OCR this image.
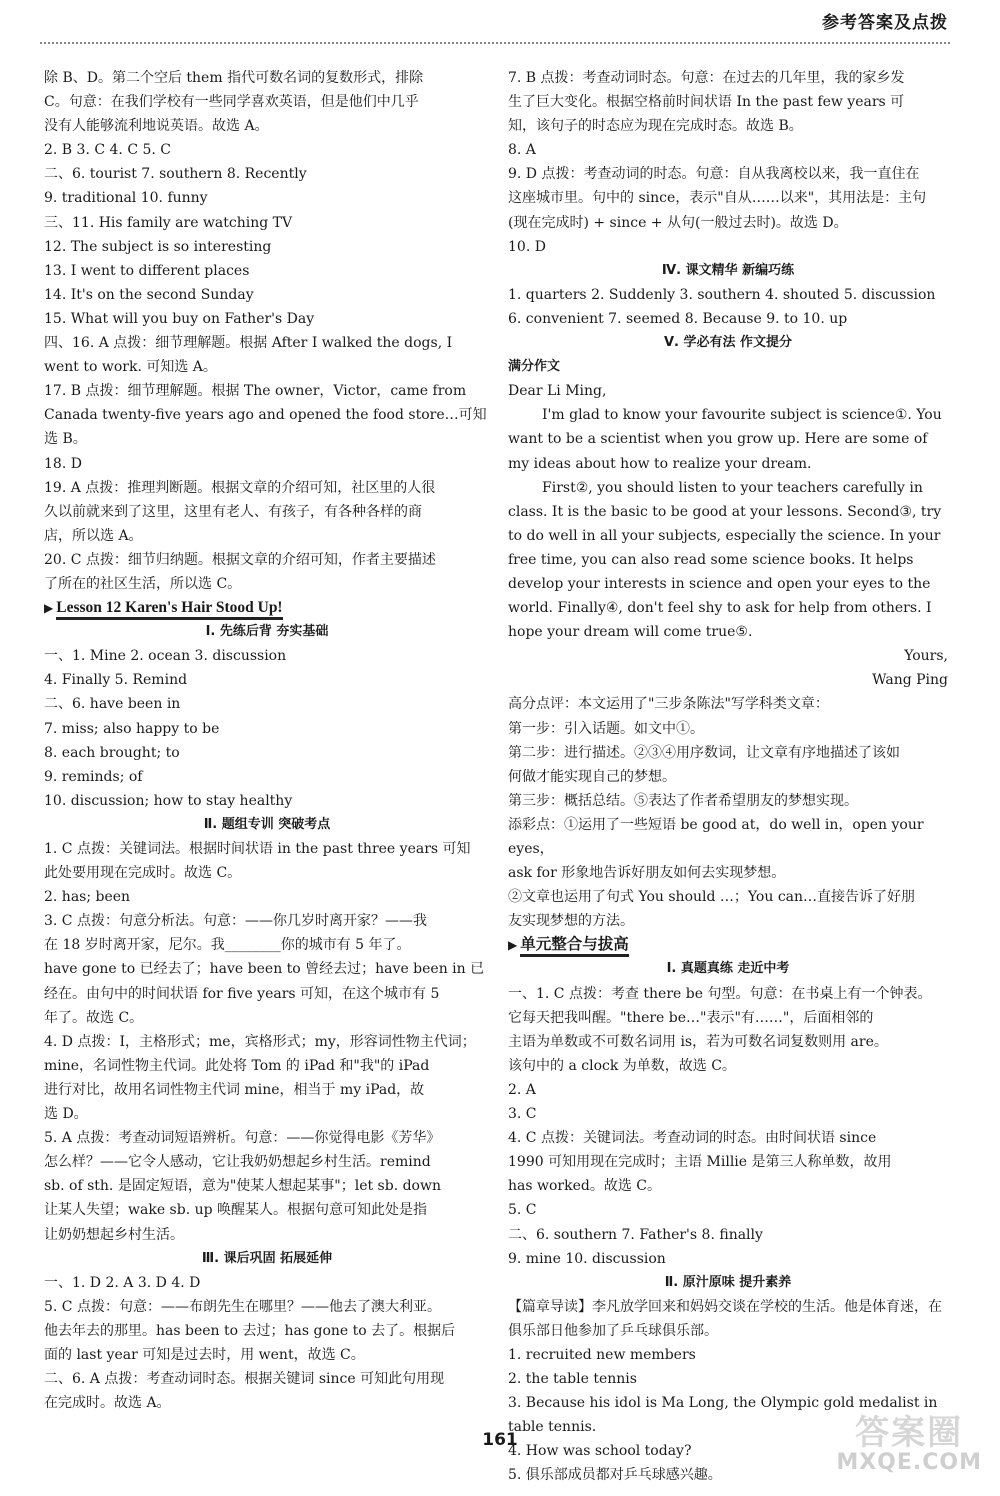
参考答案及点拨

除 B、D。第二个空后 them 指代可数名词的复数形式，排除

C。句意：在我们学校有一些同学喜欢英语，但是他们中几乎

没有人能够流利地说英语。故选 A。

2. B 3. C 4. C 5. C

二、6. tourist 7. southern 8. Recently

9. traditional 10. funny

三、11. His family are watching TV

12. The subject is so interesting

13. I went to different places

14. It's on the second Sunday

15. What will you buy on Father's Day

四、16. A 点拨：细节理解题。根据 After I walked the dogs, I

went to work. 可知选 A。

17. B 点拨：细节理解题。根据 The owner，Victor，came from

Canada twenty-five years ago and opened the food store…可知

选 B。

18. D

19. A 点拨：推理判断题。根据文章的介绍可知，社区里的人很

久以前就来到了这里，这里有老人、有孩子，有各种各样的商

店，所以选 A。

20. C 点拨：细节归纳题。根据文章的介绍可知，作者主要描述

了所在的社区生活，所以选 C。

▶ Lesson 12 Karen's Hair Stood Up!

Ⅰ. 先练后背 夯实基础

一、1. Mine 2. ocean 3. discussion

4. Finally 5. Remind

二、6. have been in

7. miss; also happy to be

8. each brought; to

9. reminds; of

10. discussion; how to stay healthy

Ⅱ. 题组专训 突破考点

1. C 点拨：关键词法。根据时间状语 in the past three years 可知

此处要用现在完成时。故选 C。

2. has; been

3. C 点拨：句意分析法。句意：——你几岁时离开家？——我

在 18 岁时离开家，尼尔。我________你的城市有 5 年了。

have gone to 已经去了；have been to 曾经去过；have been in 已

经在。由句中的时间状语 for five years 可知，在这个城市有 5

年了。故选 C。

4. D 点拨：I，主格形式；me，宾格形式；my，形容词性物主代词；

mine，名词性物主代词。此处将 Tom 的 iPad 和"我"的 iPad

进行对比，故用名词性物主代词 mine，相当于 my iPad，故

选 D。

5. A 点拨：考查动词短语辨析。句意：——你觉得电影《芳华》

怎么样？——它令人感动，它让我奶奶想起乡村生活。remind

sb. of sth. 是固定短语，意为"使某人想起某事"；let sb. down

让某人失望；wake sb. up 唤醒某人。根据句意可知此处是指

让奶奶想起乡村生活。

Ⅲ. 课后巩固 拓展延伸

一、1. D 2. A 3. D 4. D

5. C 点拨：句意：——布朗先生在哪里？——他去了澳大利亚。

他去年去的那里。has been to 去过；has gone to 去了。根据后

面的 last year 可知是过去时，用 went，故选 C。

二、6. A 点拨：考查动词时态。根据关键词 since 可知此句用现

在完成时。故选 A。

7. B 点拨：考查动词时态。句意：在过去的几年里，我的家乡发

生了巨大变化。根据空格前时间状语 In the past few years 可

知，该句子的时态应为现在完成时态。故选 B。

8. A

9. D 点拨：考查动词的时态。句意：自从我离校以来，我一直住在

这座城市里。句中的 since，表示"自从……以来"，其用法是：主句

(现在完成时) + since + 从句(一般过去时)。故选 D。

10. D

Ⅳ. 课文精华 新编巧练

1. quarters 2. Suddenly 3. southern 4. shouted 5. discussion

6. convenient 7. seemed 8. Because 9. to 10. up

Ⅴ. 学必有法 作文提分

满分作文

Dear Li Ming,

I'm glad to know your favourite subject is science①. You want to be a scientist when you grow up. Here are some of my ideas about how to realize your dream.

First②, you should listen to your teachers carefully in class. It is the basic to be good at your lessons. Second③, try to do well in all your subjects, especially the science. In your free time, you can also read some science books. It helps develop your interests in science and open your eyes to the world. Finally④, don't feel shy to ask for help from others. I hope your dream will come true⑤.

Yours,

Wang Ping

高分点评：本文运用了"三步条陈法"写学科类文章：

第一步：引入话题。如文中①。

第二步：进行描述。②③④用序数词，让文章有序地描述了该如

何做才能实现自己的梦想。

第三步：概括总结。⑤表达了作者希望朋友的梦想实现。

添彩点：①运用了一些短语 be good at，do well in，open your eyes，

ask for 形象地告诉好朋友如何去实现梦想。

②文章也运用了句式 You should …；You can…直接告诉了好朋

友实现梦想的方法。

▶ 单元整合与拔高

Ⅰ. 真题真练 走近中考

一、1. C 点拨：考查 there be 句型。句意：在书桌上有一个钟表。

它每天把我叫醒。"there be…"表示"有……"，后面相邻的

主语为单数或不可数名词用 is，若为可数名词复数则用 are。

该句中的 a clock 为单数，故选 C。

2. A

3. C

4. C 点拨：关键词法。考查动词的时态。由时间状语 since

1990 可知用现在完成时；主语 Millie 是第三人称单数，故用

has worked。故选 C。

5. C

二、6. southern 7. Father's 8. finally

9. mine 10. discussion

Ⅱ. 原汁原味 提升素养

【篇章导读】李凡放学回来和妈妈交谈在学校的生活。他是体育迷，在俱乐部日他参加了乒乓球俱乐部。

1. recruited new members

2. the table tennis

3. Because his idol is Ma Long, the Olympic gold medalist in table tennis.

4. How was school today?

5. 俱乐部成员都对乒乓球感兴趣。

161	答案圈
MXQE.COM
